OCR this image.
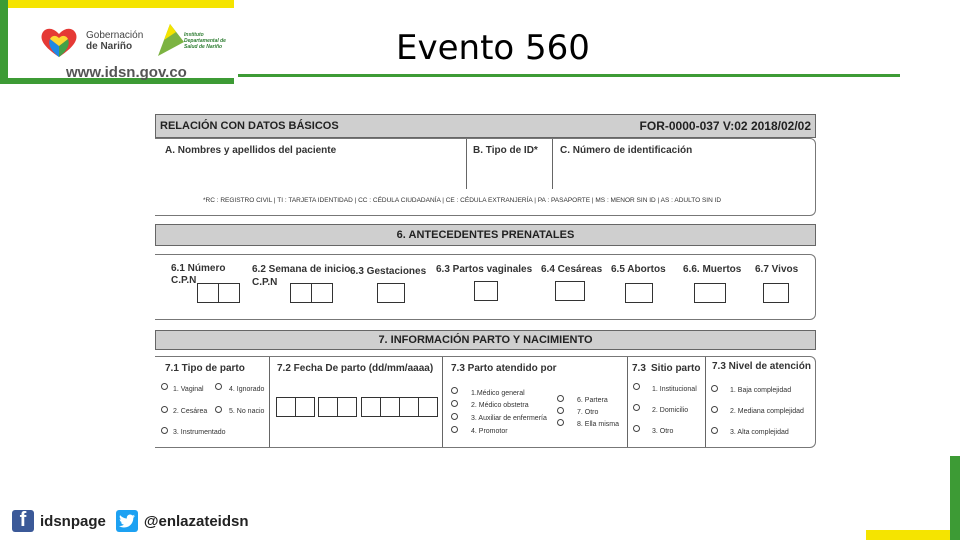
Gobernación
de Nariño
Instituto Departamental de Salud de Nariño
www.idsn.gov.co
Evento 560
RELACIÓN CON DATOS BÁSICOS	FOR-0000-037 V:02 2018/02/02
A. Nombres y apellidos del paciente	B. Tipo de ID* C. Número de identificación
*RC : REGISTRO CIVIL | TI : TARJETA IDENTIDAD | CC : CÉDULA CIUDADANÍA | CE : CÉDULA EXTRANJERÍA | PA : PASAPORTE | MS : MENOR SIN ID | AS : ADULTO SIN ID
6. ANTECEDENTES PRENATALES
6.1 Número
C.P.N
6.2 Semana de inicio
C.P.N
6.3 Gestaciones 6.3 Partos vaginales 6.4 Cesáreas 6.5 Abortos 6.6. Muertos 6.7 Vivos
7. INFORMACIÓN PARTO Y NACIMIENTO
7.1 Tipo de parto
1. Vaginal	4. Ignorado
2. Cesárea	5. No nacio
3. Instrumentado
7.2 Fecha De parto (dd/mm/aaaa) 7.3 Parto atendido por
1.Médico general
2. Médico obstetra
3. Auxiliar de enfermería
4. Promotor
6. Partera
7. Otro
8. Ella misma
7.3 Sitio parto
1. Institucional
2. Domicilio
3. Otro
7.3 Nivel de atención
1. Baja complejidad
2. Mediana complejidad
3. Alta complejidad
f idsnpage	@enlazateidsn
